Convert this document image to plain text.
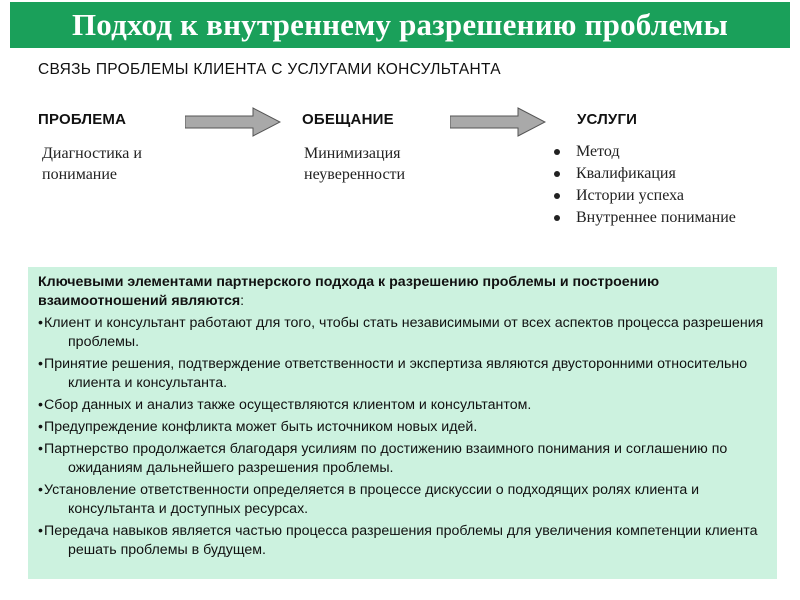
Подход к внутреннему разрешению проблемы
СВЯЗЬ ПРОБЛЕМЫ КЛИЕНТА С УСЛУГАМИ КОНСУЛЬТАНТА
ПРОБЛЕМА	ОБЕЩАНИЕ	УСЛУГИ
Диагностика и
понимание
Минимизация
неуверенности
Метод
Квалификация
Истории успеха
Внутреннее понимание
Ключевыми элементами партнерского подхода к разрешению проблемы и построению взаимоотношений являются:
•Клиент и консультант работают для того, чтобы стать независимыми от всех аспектов процесса разрешения проблемы.
•Принятие решения, подтверждение ответственности и экспертиза являются двусторонними относительно клиента и консультанта.
•Сбор данных и анализ также осуществляются клиентом и консультантом.
•Предупреждение конфликта может быть источником новых идей.
•Партнерство продолжается благодаря усилиям по достижению взаимного понимания и соглашению по ожиданиям дальнейшего разрешения проблемы.
•Установление ответственности определяется в процессе дискуссии о подходящих ролях клиента и консультанта и доступных ресурсах.
•Передача навыков является частью процесса разрешения проблемы для увеличения компетенции клиента решать проблемы в будущем.
